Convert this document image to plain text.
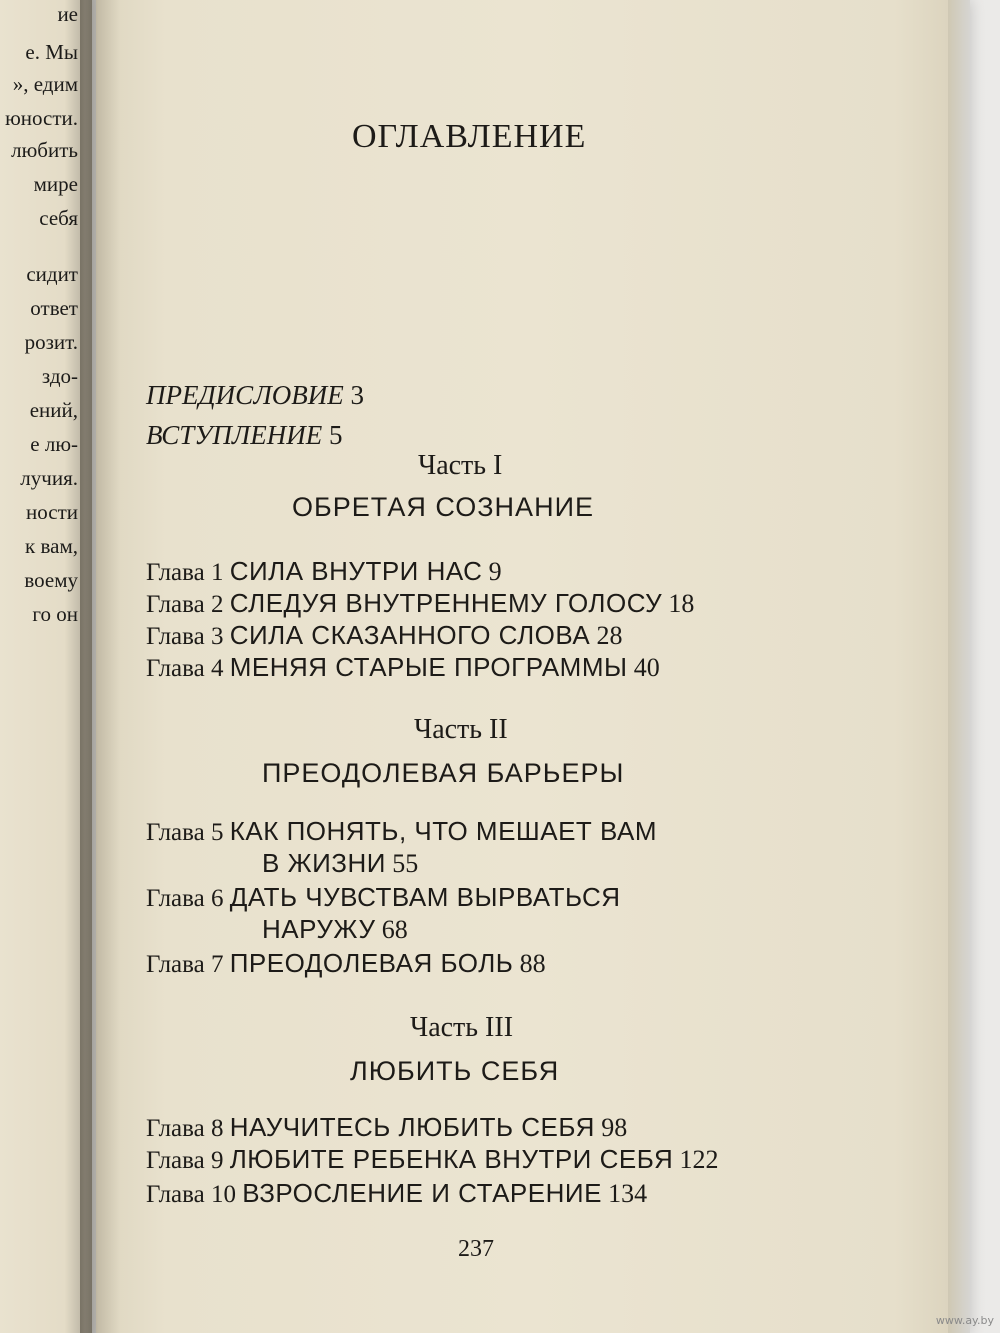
ие
е. Мы
», едим
юности.
любить
мире
себя
сидит
ответ
розит.
здо-
ений,
е лю-
лучия.
ности
к вам,
воему
го он
ОГЛАВЛЕНИЕ
ПРЕДИСЛОВИЕ 3
ВСТУПЛЕНИЕ 5
Часть I
ОБРЕТАЯ СОЗНАНИЕ
Глава 1 СИЛА ВНУТРИ НАС 9
Глава 2 СЛЕДУЯ ВНУТРЕННЕМУ ГОЛОСУ 18
Глава 3 СИЛА СКАЗАННОГО СЛОВА 28
Глава 4 МЕНЯЯ СТАРЫЕ ПРОГРАММЫ 40
Часть II
ПРЕОДОЛЕВАЯ БАРЬЕРЫ
Глава 5 КАК ПОНЯТЬ, ЧТО МЕШАЕТ ВАМ
В ЖИЗНИ 55
Глава 6 ДАТЬ ЧУВСТВАМ ВЫРВАТЬСЯ
НАРУЖУ 68
Глава 7 ПРЕОДОЛЕВАЯ БОЛЬ 88
Часть III
ЛЮБИТЬ СЕБЯ
Глава 8 НАУЧИТЕСЬ ЛЮБИТЬ СЕБЯ 98
Глава 9 ЛЮБИТЕ РЕБЕНКА ВНУТРИ СЕБЯ 122
Глава 10 ВЗРОСЛЕНИЕ И СТАРЕНИЕ 134
237
www.ay.by
